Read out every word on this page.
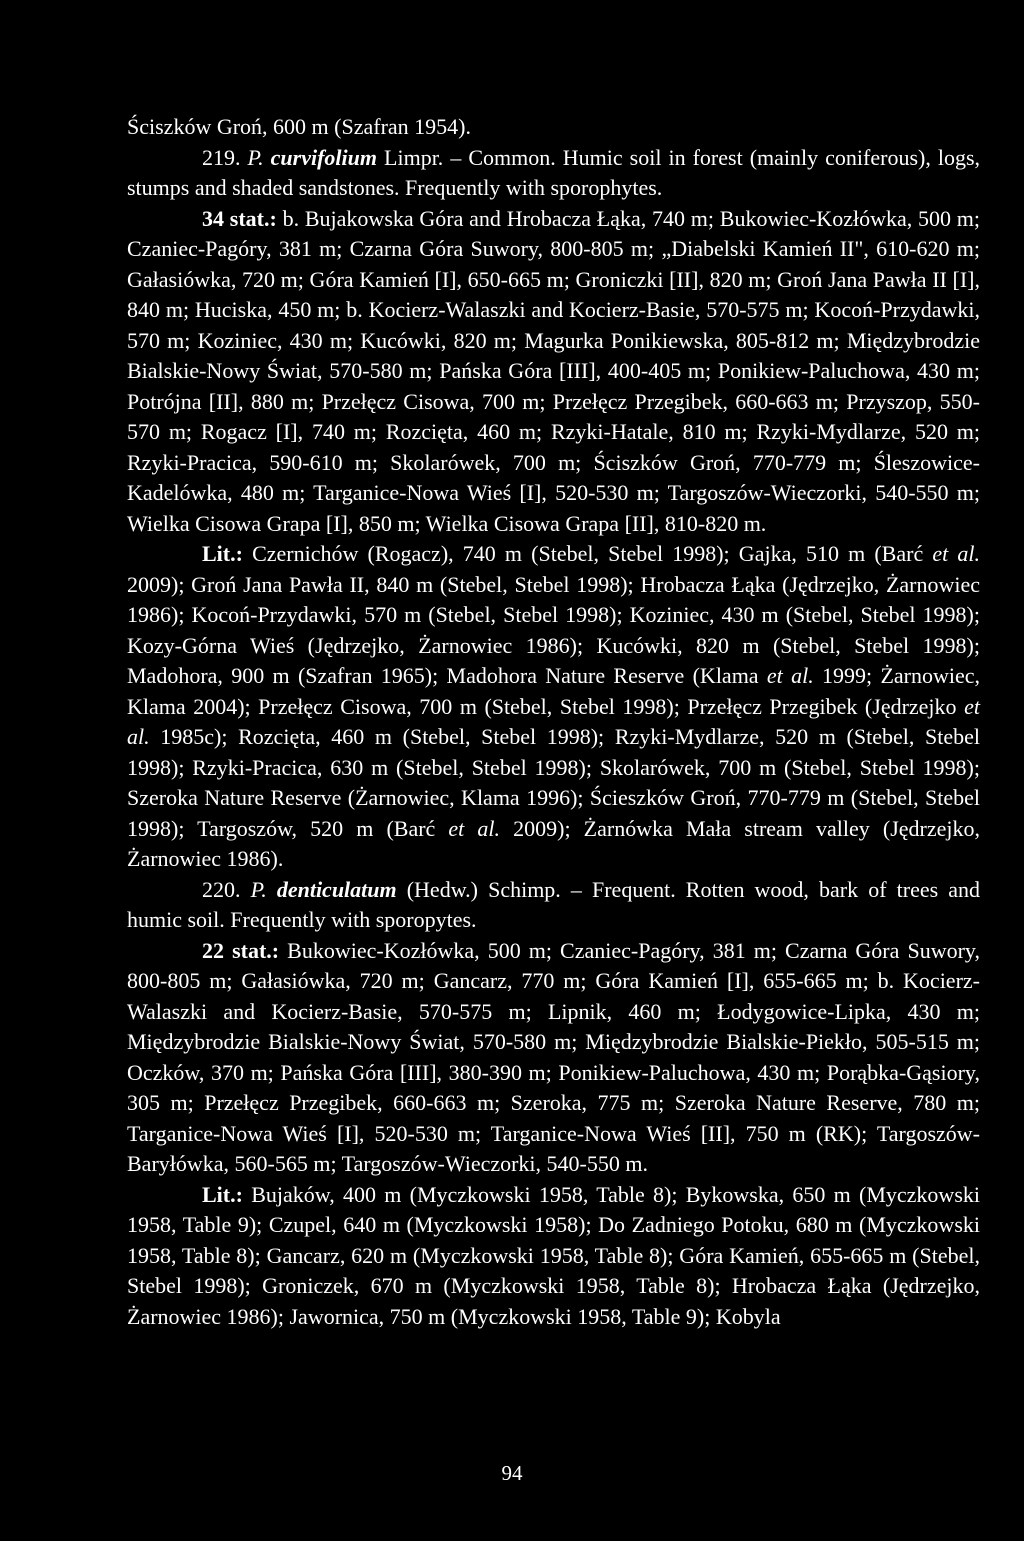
Ściszków Groń, 600 m (Szafran 1954).

219. P. curvifolium Limpr. – Common. Humic soil in forest (mainly coniferous), logs, stumps and shaded sandstones. Frequently with sporophytes.

34 stat.: b. Bujakowska Góra and Hrobacza Łąka, 740 m; Bukowiec-Kozłówka, 500 m; Czaniec-Pagóry, 381 m; Czarna Góra Suwory, 800-805 m; „Diabelski Kamień II", 610-620 m; Gałasiówka, 720 m; Góra Kamień [I], 650-665 m; Groniczki [II], 820 m; Groń Jana Pawła II [I], 840 m; Huciska, 450 m; b. Kocierz-Walaszki and Kocierz-Basie, 570-575 m; Kocoń-Przydawki, 570 m; Koziniec, 430 m; Kucówki, 820 m; Magurka Ponikiewska, 805-812 m; Międzybrodzie Bialskie-Nowy Świat, 570-580 m; Pańska Góra [III], 400-405 m; Ponikiew-Paluchowa, 430 m; Potrójna [II], 880 m; Przełęcz Cisowa, 700 m; Przełęcz Przegibek, 660-663 m; Przyszop, 550-570 m; Rogacz [I], 740 m; Rozcięta, 460 m; Rzyki-Hatale, 810 m; Rzyki-Mydlarze, 520 m; Rzyki-Pracica, 590-610 m; Skolarówek, 700 m; Ściszków Groń, 770-779 m; Śleszowice-Kadelówka, 480 m; Targanice-Nowa Wieś [I], 520-530 m; Targoszów-Wieczorki, 540-550 m; Wielka Cisowa Grapa [I], 850 m; Wielka Cisowa Grapa [II], 810-820 m.

Lit.: Czernichów (Rogacz), 740 m (Stebel, Stebel 1998); Gajka, 510 m (Barć et al. 2009); Groń Jana Pawła II, 840 m (Stebel, Stebel 1998); Hrobacza Łąka (Jędrzejko, Żarnowiec 1986); Kocoń-Przydawki, 570 m (Stebel, Stebel 1998); Koziniec, 430 m (Stebel, Stebel 1998); Kozy-Górna Wieś (Jędrzejko, Żarnowiec 1986); Kucówki, 820 m (Stebel, Stebel 1998); Madohora, 900 m (Szafran 1965); Madohora Nature Reserve (Klama et al. 1999; Żarnowiec, Klama 2004); Przełęcz Cisowa, 700 m (Stebel, Stebel 1998); Przełęcz Przegibek (Jędrzejko et al. 1985c); Rozcięta, 460 m (Stebel, Stebel 1998); Rzyki-Mydlarze, 520 m (Stebel, Stebel 1998); Rzyki-Pracica, 630 m (Stebel, Stebel 1998); Skolarówek, 700 m (Stebel, Stebel 1998); Szeroka Nature Reserve (Żarnowiec, Klama 1996); Ścieszków Groń, 770-779 m (Stebel, Stebel 1998); Targoszów, 520 m (Barć et al. 2009); Żarnówka Mała stream valley (Jędrzejko, Żarnowiec 1986).

220. P. denticulatum (Hedw.) Schimp. – Frequent. Rotten wood, bark of trees and humic soil. Frequently with sporopytes.

22 stat.: Bukowiec-Kozłówka, 500 m; Czaniec-Pagóry, 381 m; Czarna Góra Suwory, 800-805 m; Gałasiówka, 720 m; Gancarz, 770 m; Góra Kamień [I], 655-665 m; b. Kocierz-Walaszki and Kocierz-Basie, 570-575 m; Lipnik, 460 m; Łodygowice-Lipka, 430 m; Międzybrodzie Bialskie-Nowy Świat, 570-580 m; Międzybrodzie Bialskie-Piekło, 505-515 m; Oczków, 370 m; Pańska Góra [III], 380-390 m; Ponikiew-Paluchowa, 430 m; Porąbka-Gąsiory, 305 m; Przełęcz Przegibek, 660-663 m; Szeroka, 775 m; Szeroka Nature Reserve, 780 m; Targanice-Nowa Wieś [I], 520-530 m; Targanice-Nowa Wieś [II], 750 m (RK); Targoszów-Baryłówka, 560-565 m; Targoszów-Wieczorki, 540-550 m.

Lit.: Bujaków, 400 m (Myczkowski 1958, Table 8); Bykowska, 650 m (Myczkowski 1958, Table 9); Czupel, 640 m (Myczkowski 1958); Do Zadniego Potoku, 680 m (Myczkowski 1958, Table 8); Gancarz, 620 m (Myczkowski 1958, Table 8); Góra Kamień, 655-665 m (Stebel, Stebel 1998); Groniczek, 670 m (Myczkowski 1958, Table 8); Hrobacza Łąka (Jędrzejko, Żarnowiec 1986); Jawornica, 750 m (Myczkowski 1958, Table 9); Kobyla

94
